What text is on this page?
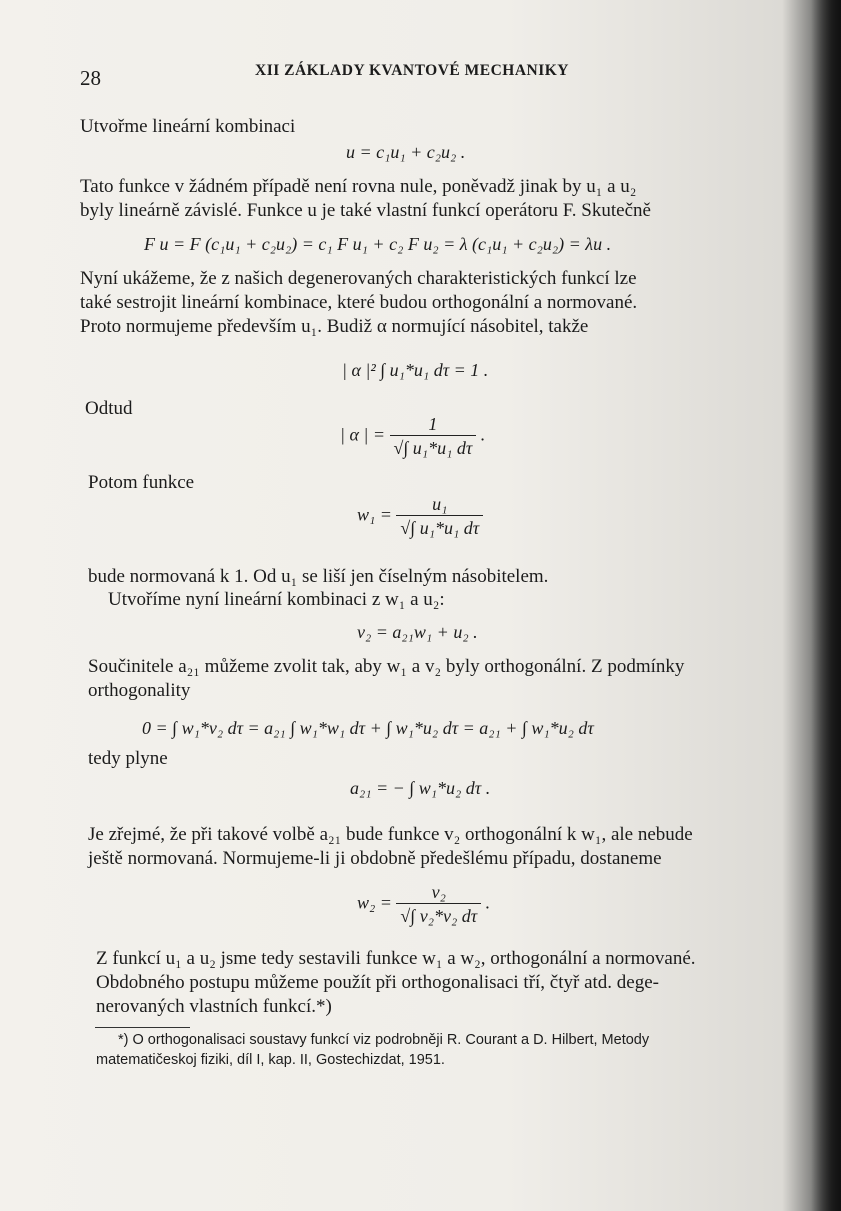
28	XII ZÁKLADY KVANTOVÉ MECHANIKY
Utvořme lineární kombinaci
u = c₁u₁ + c₂u₂ .
Tato funkce v žádném případě není rovna nule, poněvadž jinak by u₁ a u₂
byly lineárně závislé. Funkce u je také vlastní funkcí operátoru F. Skutečně
F u = F (c₁u₁ + c₂u₂) = c₁ F u₁ + c₂ F u₂ = λ (c₁u₁ + c₂u₂) = λu .
Nyní ukážeme, že z našich degenerovaných charakteristických funkcí lze
také sestrojit lineární kombinace, které budou orthogonální a normované.
Proto normujeme především u₁. Budiž α normující násobitel, takže
| α |² ∫ u₁*u₁ dτ = 1 .
Odtud
| α | = $\frac{1}{\text{√∫ u₁*u₁ dτ}}$ .
Potom funkce
$w_1 = \frac{\text{u₁}}{\text{√∫ u₁*u₁ dτ}}$
bude normovaná k 1. Od u₁ se liší jen číselným násobitelem.
Utvoříme nyní lineární kombinaci z w₁ a u₂:
v₂ = a₂₁w₁ + u₂ .
Součinitele a₂₁ můžeme zvolit tak, aby w₁ a v₂ byly orthogonální. Z podmínky
orthogonality
0 = ∫ w₁*v₂ dτ = a₂₁ ∫ w₁*w₁ dτ + ∫ w₁*u₂ dτ = a₂₁ + ∫ w₁*u₂ dτ
tedy plyne
a₂₁ = − ∫ w₁*u₂ dτ .
Je zřejmé, že při takové volbě a₂₁ bude funkce v₂ orthogonální k w₁, ale nebude
ještě normovaná. Normujeme-li ji obdobně předešlému případu, dostaneme
$w_2 = \frac{\text{v₂}}{\text{√∫ v₂*v₂ dτ}}$ .
Z funkcí u₁ a u₂ jsme tedy sestavili funkce w₁ a w₂, orthogonální a normované.
Obdobného postupu můžeme použít při orthogonalisaci tří, čtyř atd. dege-
nerovaných vlastních funkcí.*)
*) O orthogonalisaci soustavy funkcí viz podrobněji R. Courant a D. Hilbert, Metody
matematičeskoj fiziki, díl I, kap. II, Gostechizdat, 1951.
